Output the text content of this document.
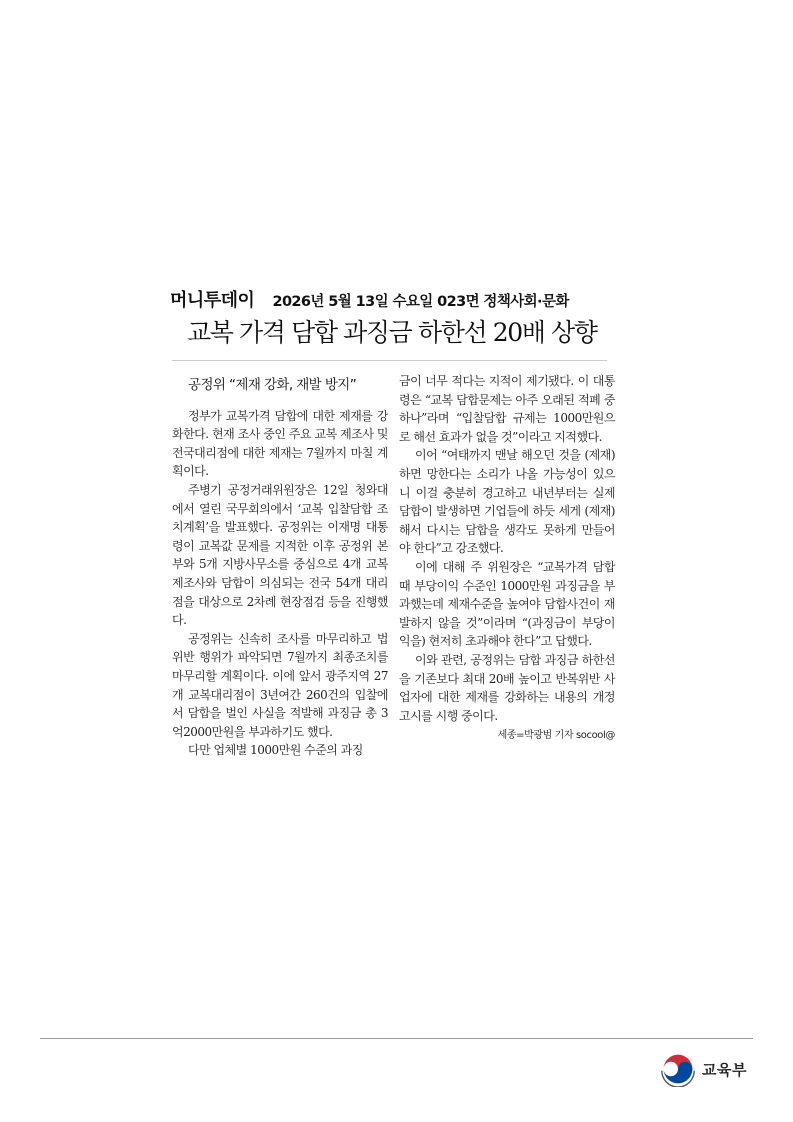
머니투데이 2026년 5월 13일 수요일 023면 정책사회·문화
교복 가격 담합 과징금 하한선 20배 상향
공정위 “제재 강화, 재발 방지”

정부가 교복가격 담합에 대한 제재를 강화한다. 현재 조사 중인 주요 교복 제조사 및 전국대리점에 대한 제재는 7월까지 마칠 계획이다.

주병기 공정거래위원장은 12일 청와대에서 열린 국무회의에서 ‘교복 입찰담합 조치계획’을 발표했다. 공정위는 이재명 대통령이 교복값 문제를 지적한 이후 공정위 본부와 5개 지방사무소를 중심으로 4개 교복 제조사와 담합이 의심되는 전국 54개 대리점을 대상으로 2차례 현장점검 등을 진행했다.

공정위는 신속히 조사를 마무리하고 법위반 행위가 파악되면 7월까지 최종조치를 마무리할 계획이다. 이에 앞서 광주지역 27개 교복대리점이 3년여간 260건의 입찰에서 담합을 벌인 사실을 적발해 과징금 총 3억2000만원을 부과하기도 했다.

다만 업체별 1000만원 수준의 과징

금이 너무 적다는 지적이 제기됐다. 이 대통령은 “교복 담합문제는 아주 오래된 적폐 중 하나”라며 “입찰담합 규제는 1000만원으로 해선 효과가 없을 것”이라고 지적했다.

이어 “여태까지 맨날 해오던 것을 (제재)하면 망한다는 소리가 나올 가능성이 있으니 이걸 충분히 경고하고 내년부터는 실제 담합이 발생하면 기업들에 하듯 세게 (제재)해서 다시는 담합을 생각도 못하게 만들어야 한다”고 강조했다.

이에 대해 주 위원장은 “교복가격 담합 때 부당이익 수준인 1000만원 과징금을 부과했는데 제재수준을 높여야 담합사건이 재발하지 않을 것”이라며 “(과징금이 부당이익을) 현저히 초과해야 한다”고 답했다.

이와 관련, 공정위는 담합 과징금 하한선을 기존보다 최대 20배 높이고 반복위반 사업자에 대한 제재를 강화하는 내용의 개정고시를 시행 중이다.

세종=박광범 기자 socool@
교육부
